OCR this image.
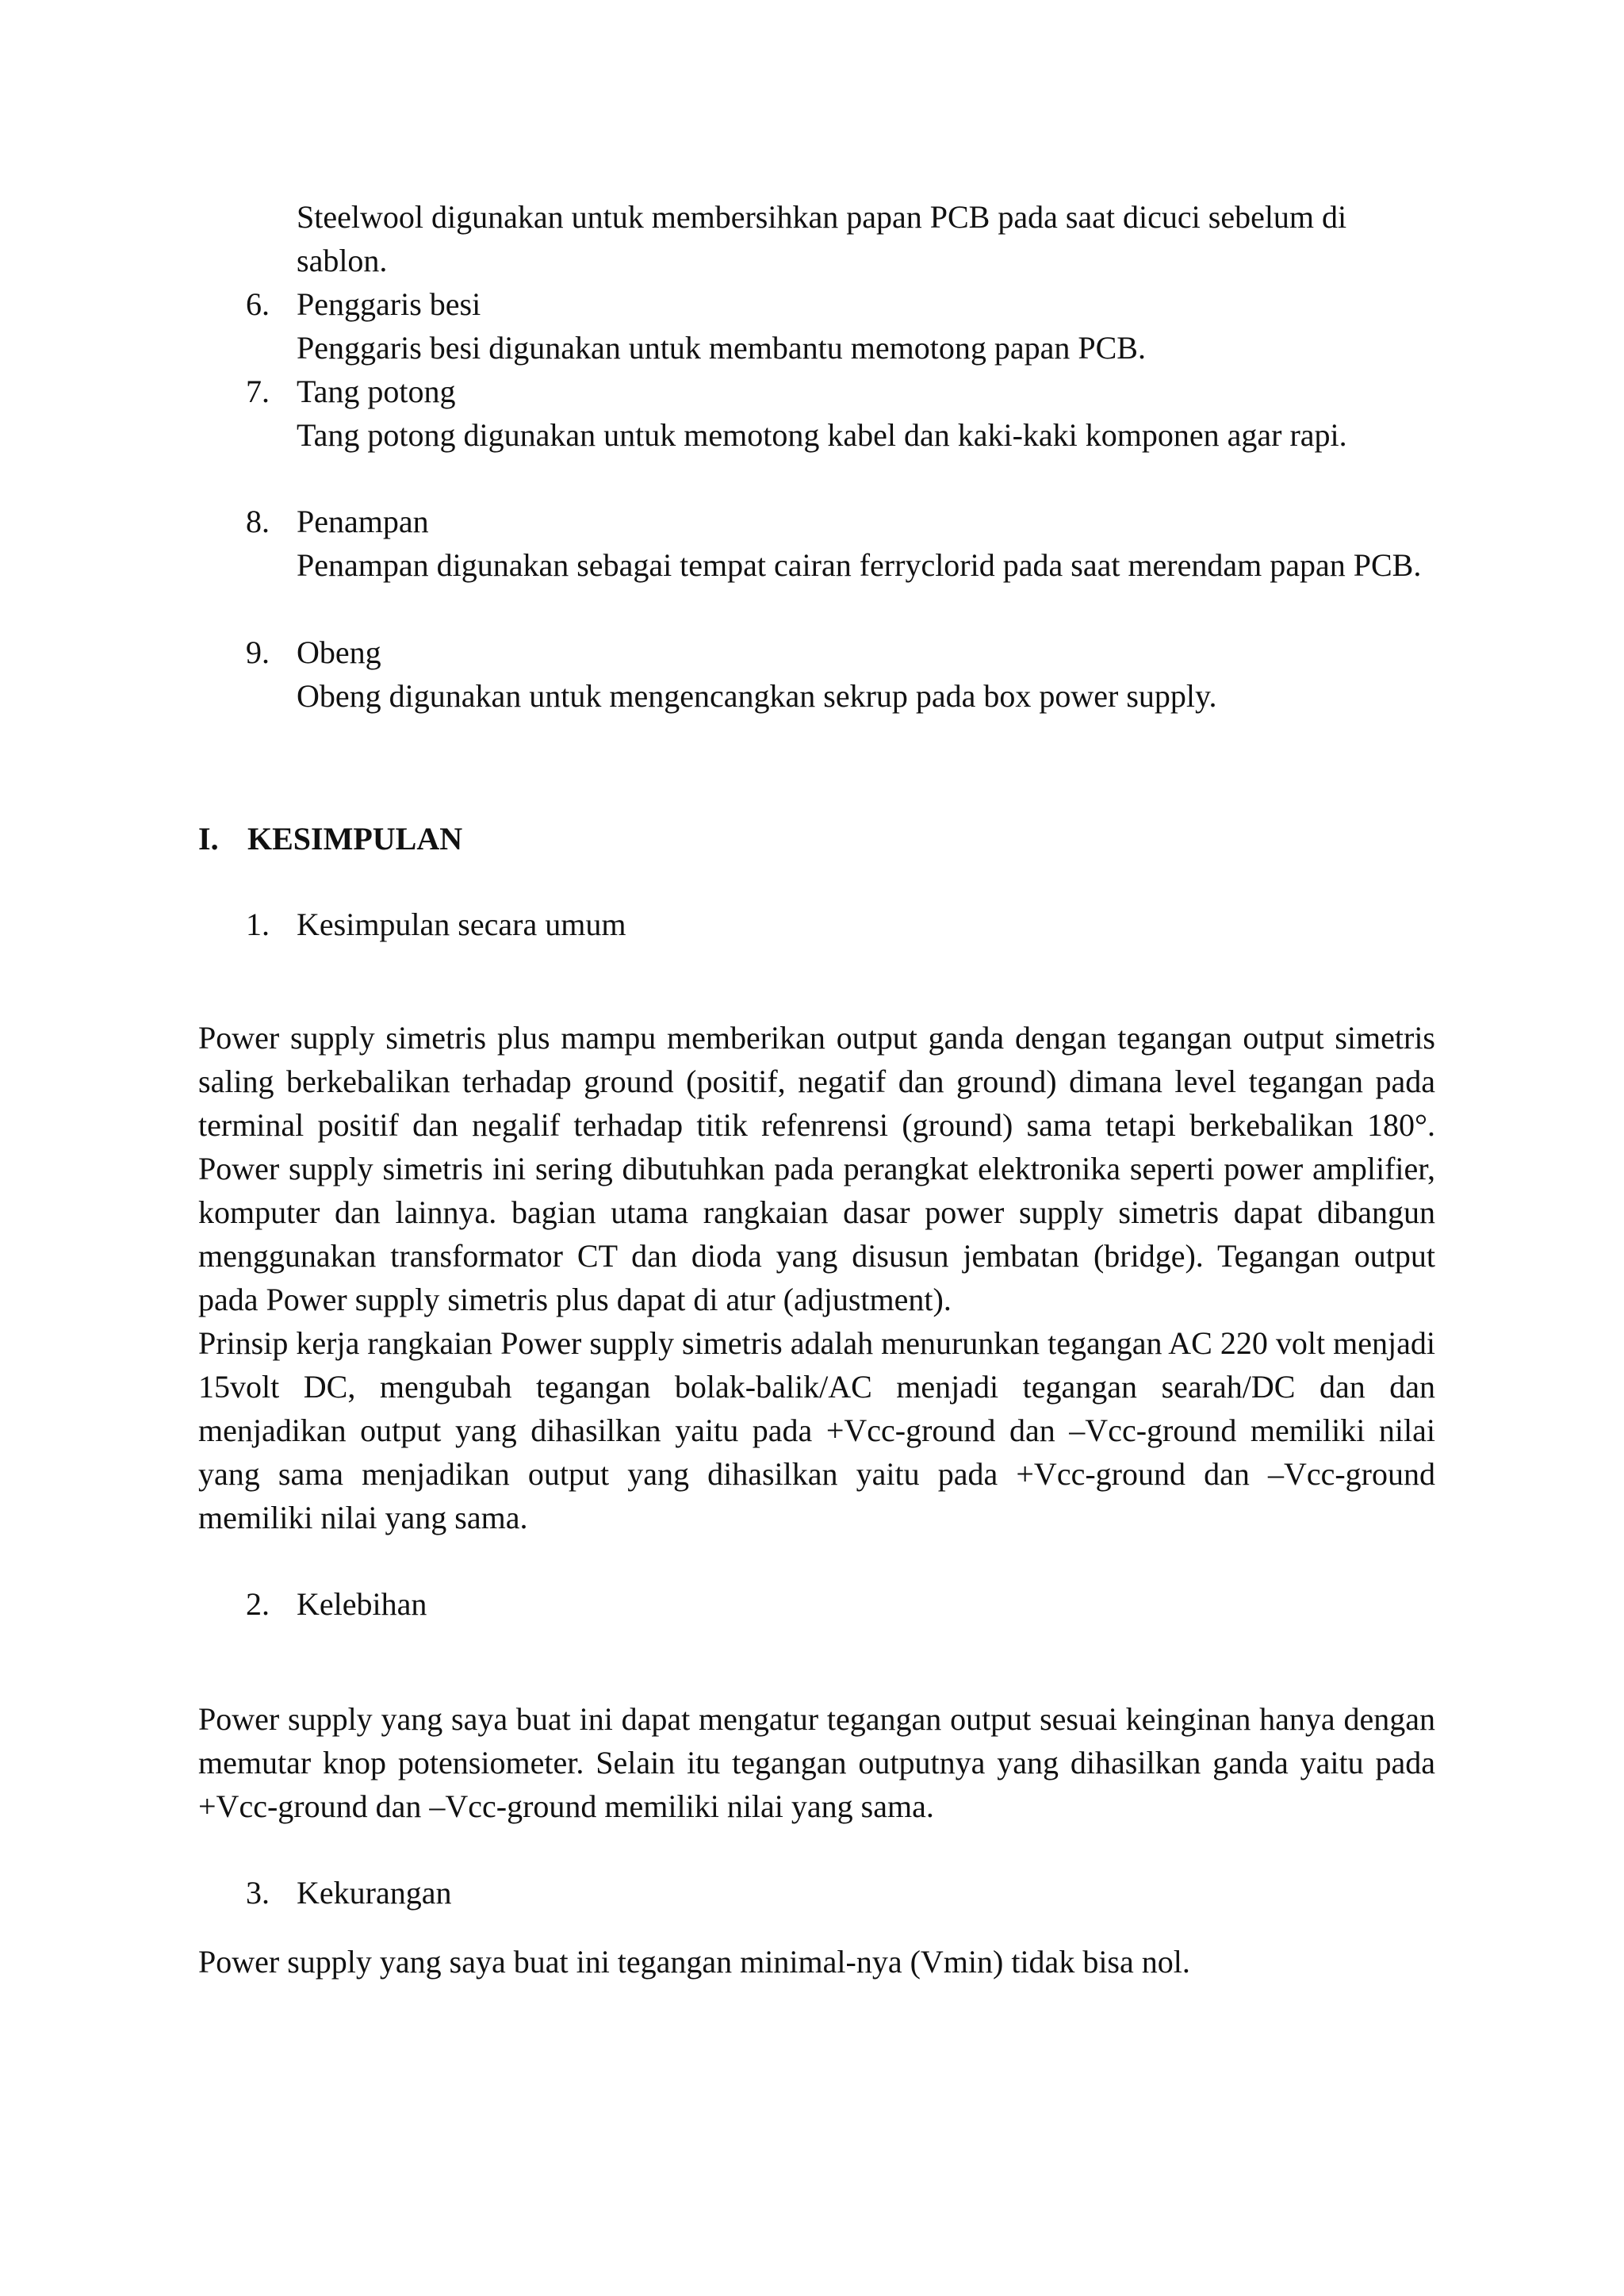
Steelwool digunakan untuk membersihkan papan PCB pada saat dicuci sebelum di sablon.
6. Penggaris besi
Penggaris besi digunakan untuk membantu memotong papan PCB.
7. Tang potong
Tang potong digunakan untuk memotong kabel dan kaki-kaki komponen agar rapi.
8. Penampan
Penampan digunakan sebagai tempat cairan ferryclorid pada saat merendam papan PCB.
9. Obeng
Obeng digunakan untuk mengencangkan sekrup pada box power supply.
I. KESIMPULAN
1. Kesimpulan secara umum
Power supply simetris plus mampu memberikan output ganda dengan tegangan output simetris saling berkebalikan terhadap ground (positif, negatif dan ground) dimana level tegangan pada terminal positif dan negalif terhadap titik refenrensi (ground) sama tetapi berkebalikan 180°. Power supply simetris ini sering dibutuhkan pada perangkat elektronika seperti power amplifier, komputer dan lainnya. bagian utama rangkaian dasar power supply simetris dapat dibangun menggunakan transformator CT dan dioda yang disusun jembatan (bridge). Tegangan output pada Power supply simetris plus dapat di atur (adjustment).
Prinsip kerja rangkaian Power supply simetris adalah menurunkan tegangan AC 220 volt menjadi 15volt DC, mengubah tegangan bolak-balik/AC menjadi tegangan searah/DC dan dan menjadikan output yang dihasilkan yaitu pada +Vcc-ground dan –Vcc-ground memiliki nilai yang sama menjadikan output yang dihasilkan yaitu pada +Vcc-ground dan –Vcc-ground memiliki nilai yang sama.
2. Kelebihan
Power supply yang saya buat ini dapat mengatur tegangan output sesuai keinginan hanya dengan memutar knop potensiometer. Selain itu tegangan outputnya yang dihasilkan ganda yaitu pada +Vcc-ground dan –Vcc-ground memiliki nilai yang sama.
3. Kekurangan
Power supply yang saya buat ini tegangan minimal-nya (Vmin) tidak bisa nol.
